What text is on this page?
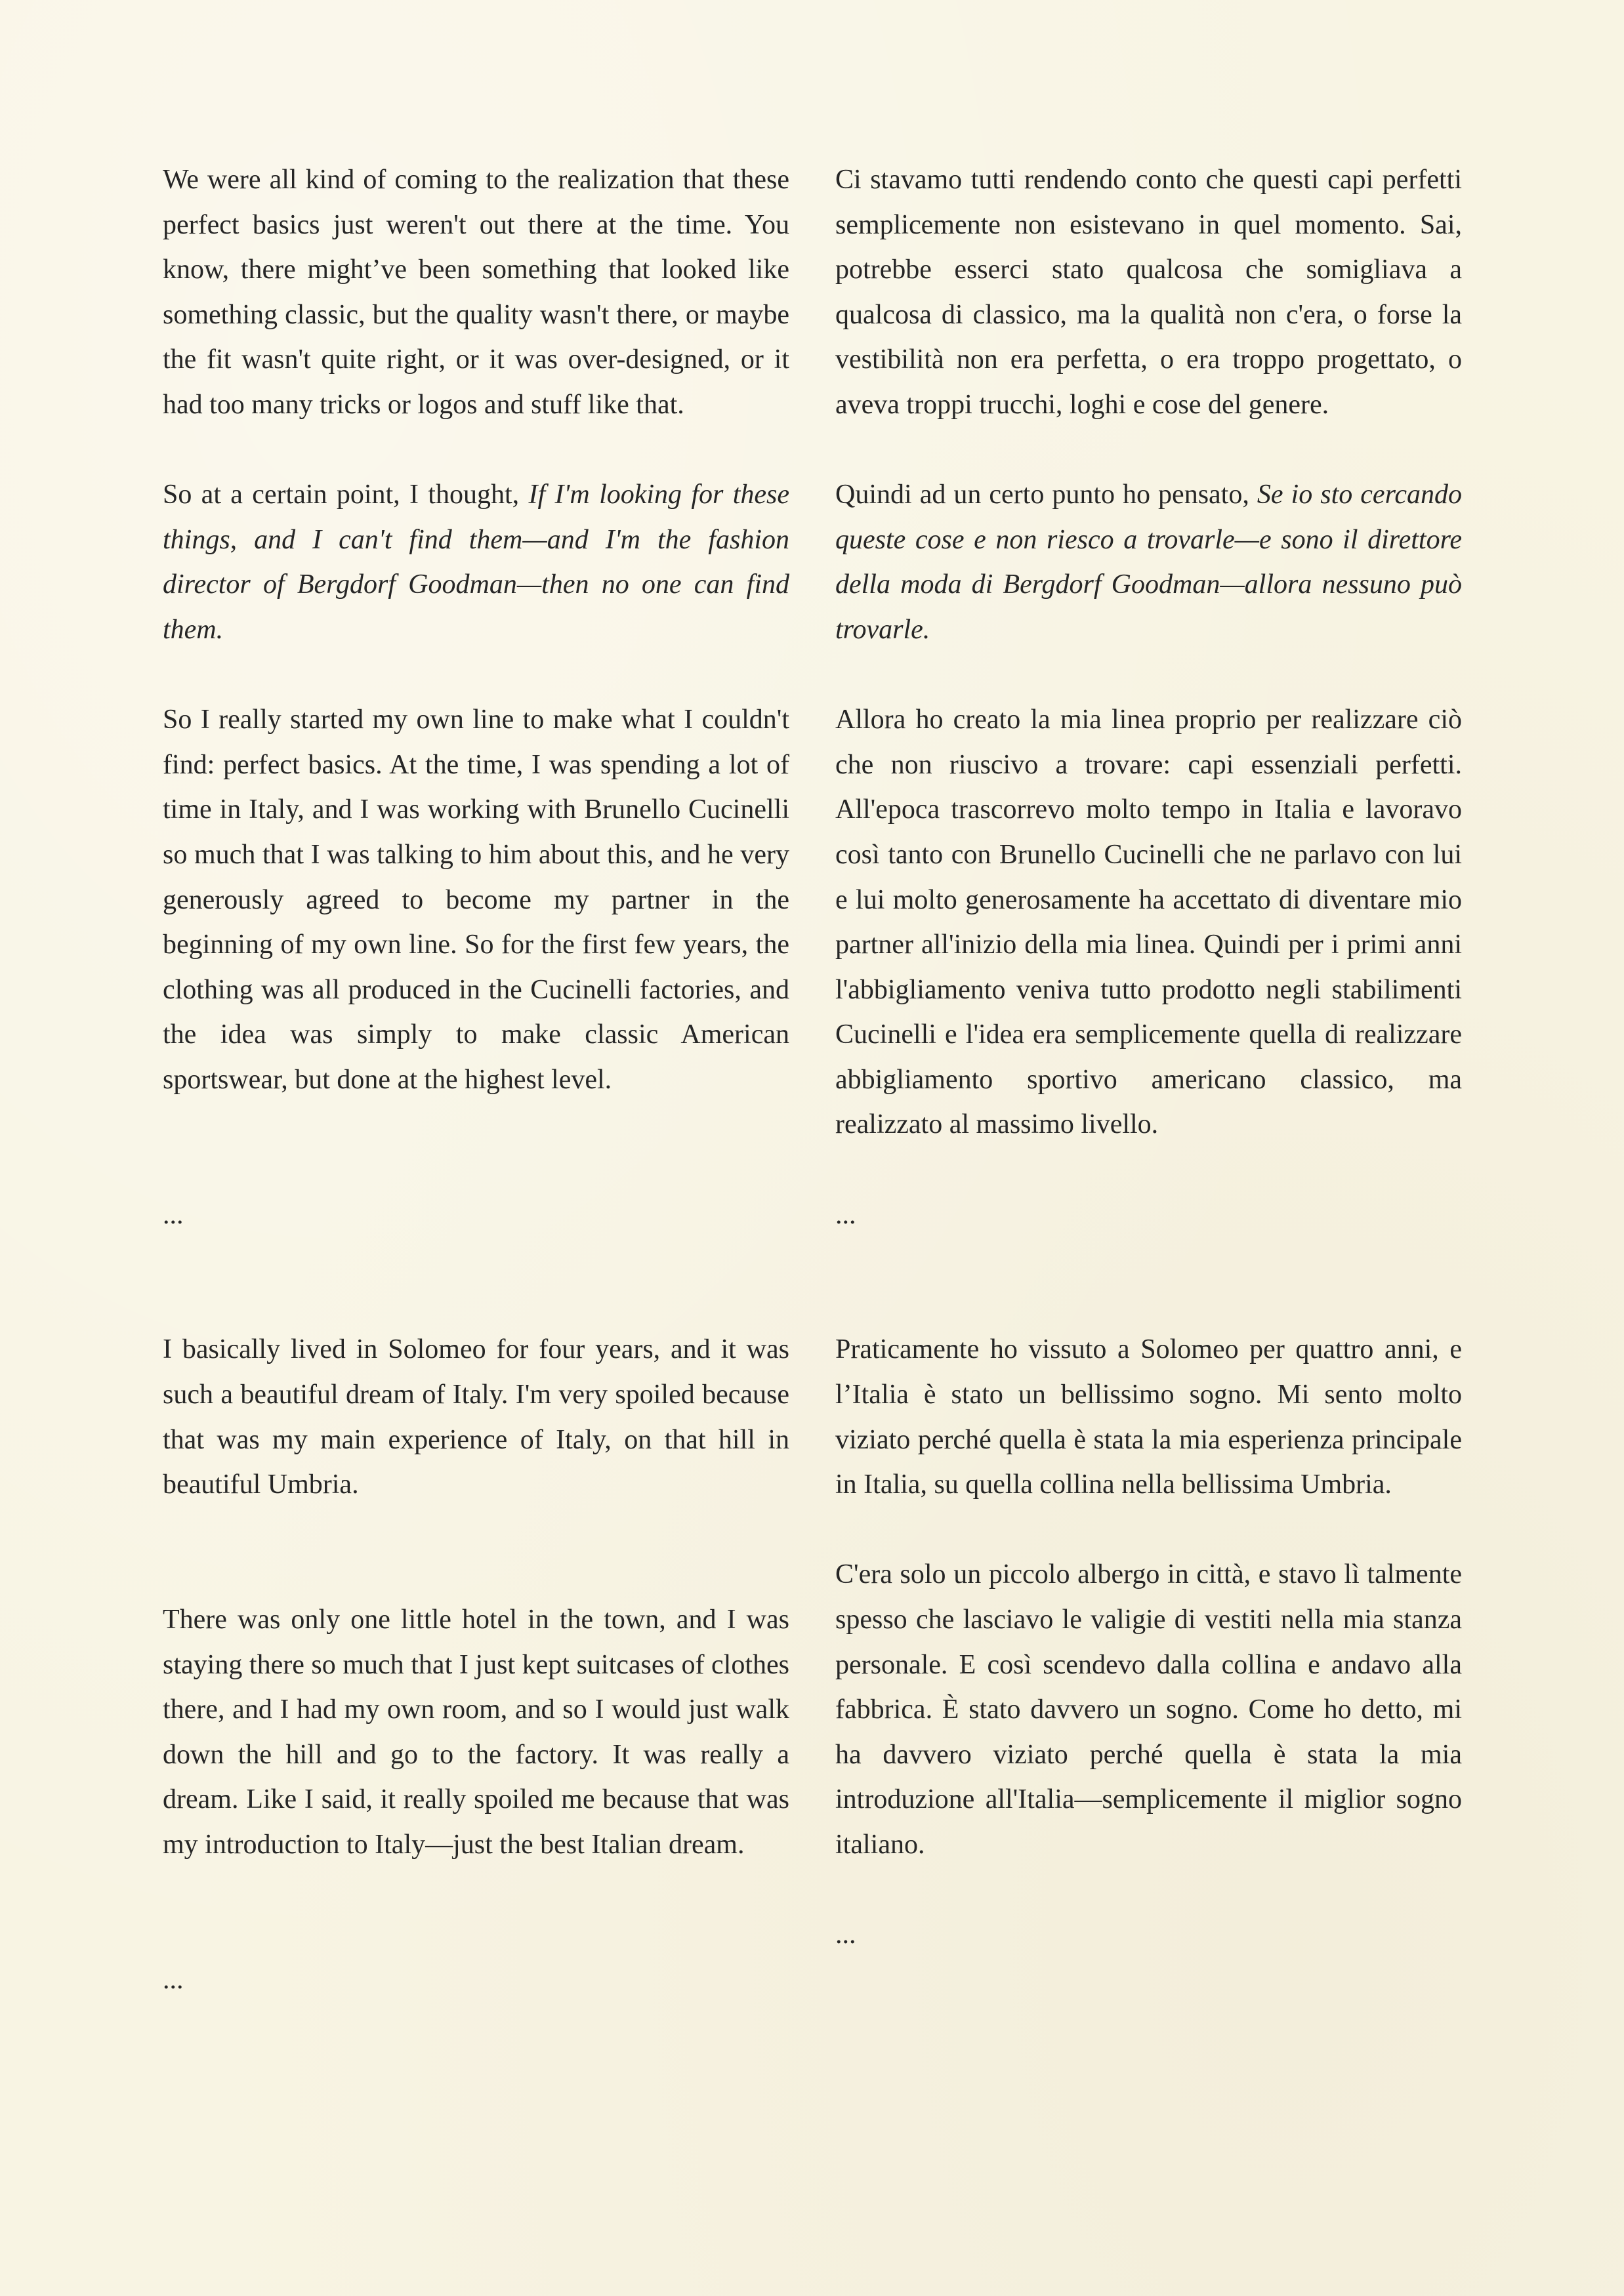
We were all kind of coming to the realization that these perfect basics just weren't out there at the time. You know, there might’ve been something that looked like something classic, but the quality wasn't there, or maybe the fit wasn't quite right, or it was over-designed, or it had too many tricks or logos and stuff like that.

So at a certain point, I thought, If I'm looking for these things, and I can't find them—and I'm the fashion director of Bergdorf Goodman—then no one can find them.

So I really started my own line to make what I couldn't find: perfect basics. At the time, I was spending a lot of time in Italy, and I was working with Brunello Cucinelli so much that I was talking to him about this, and he very generously agreed to become my partner in the beginning of my own line. So for the first few years, the clothing was all produced in the Cucinelli factories, and the idea was simply to make classic American sportswear, but done at the highest level.

...

I basically lived in Solomeo for four years, and it was such a beautiful dream of Italy. I'm very spoiled because that was my main experience of Italy, on that hill in beautiful Umbria.

There was only one little hotel in the town, and I was staying there so much that I just kept suitcases of clothes there, and I had my own room, and so I would just walk down the hill and go to the factory. It was really a dream. Like I said, it really spoiled me because that was my introduction to Italy—just the best Italian dream.

...

Ci stavamo tutti rendendo conto che questi capi perfetti semplicemente non esistevano in quel momento. Sai, potrebbe esserci stato qualcosa che somigliava a qualcosa di classico, ma la qualità non c'era, o forse la vestibilità non era perfetta, o era troppo progettato, o aveva troppi trucchi, loghi e cose del genere.

Quindi ad un certo punto ho pensato, Se io sto cercando queste cose e non riesco a trovarle—e sono il direttore della moda di Bergdorf Goodman—allora nessuno può trovarle.

Allora ho creato la mia linea proprio per realizzare ciò che non riuscivo a trovare: capi essenziali perfetti. All'epoca trascorrevo molto tempo in Italia e lavoravo così tanto con Brunello Cucinelli che ne parlavo con lui e lui molto generosamente ha accettato di diventare mio partner all'inizio della mia linea. Quindi per i primi anni l'abbigliamento veniva tutto prodotto negli stabilimenti Cucinelli e l'idea era semplicemente quella di realizzare abbigliamento sportivo americano classico, ma realizzato al massimo livello.

...

Praticamente ho vissuto a Solomeo per quattro anni, e l’Italia è stato un bellissimo sogno. Mi sento molto viziato perché quella è stata la mia esperienza principale in Italia, su quella collina nella bellissima Umbria.

C'era solo un piccolo albergo in città, e stavo lì talmente spesso che lasciavo le valigie di vestiti nella mia stanza personale. E così scendevo dalla collina e andavo alla fabbrica. È stato davvero un sogno. Come ho detto, mi ha davvero viziato perché quella è stata la mia introduzione all'Italia—semplicemente il miglior sogno italiano.

...
